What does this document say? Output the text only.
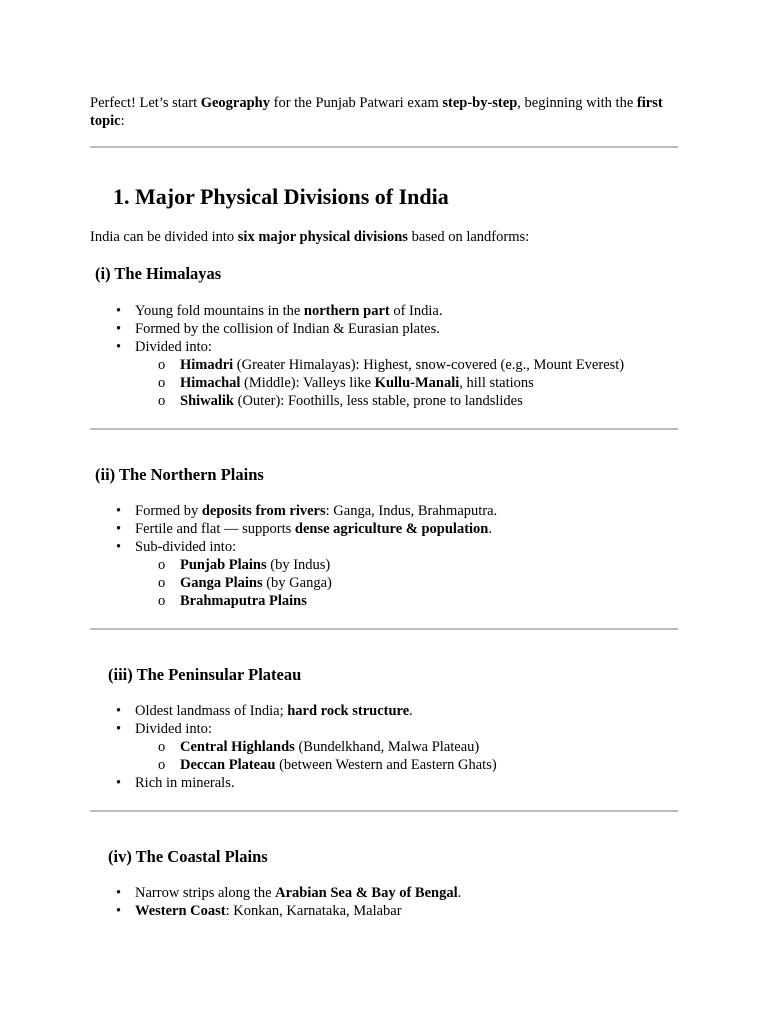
Perfect! Let’s start Geography for the Punjab Patwari exam step-by-step, beginning with the first topic:

1. Major Physical Divisions of India

India can be divided into six major physical divisions based on landforms:

(i) The Himalayas
• Young fold mountains in the northern part of India.
• Formed by the collision of Indian & Eurasian plates.
• Divided into:
o Himadri (Greater Himalayas): Highest, snow-covered (e.g., Mount Everest)
o Himachal (Middle): Valleys like Kullu-Manali, hill stations
o Shiwalik (Outer): Foothills, less stable, prone to landslides
(ii) The Northern Plains
• Formed by deposits from rivers: Ganga, Indus, Brahmaputra.
• Fertile and flat — supports dense agriculture & population.
• Sub-divided into:
o Punjab Plains (by Indus)
o Ganga Plains (by Ganga)
o Brahmaputra Plains
(iii) The Peninsular Plateau
• Oldest landmass of India; hard rock structure.
• Divided into:
o Central Highlands (Bundelkhand, Malwa Plateau)
o Deccan Plateau (between Western and Eastern Ghats)
• Rich in minerals.
(iv) The Coastal Plains
• Narrow strips along the Arabian Sea & Bay of Bengal.
• Western Coast: Konkan, Karnataka, Malabar
